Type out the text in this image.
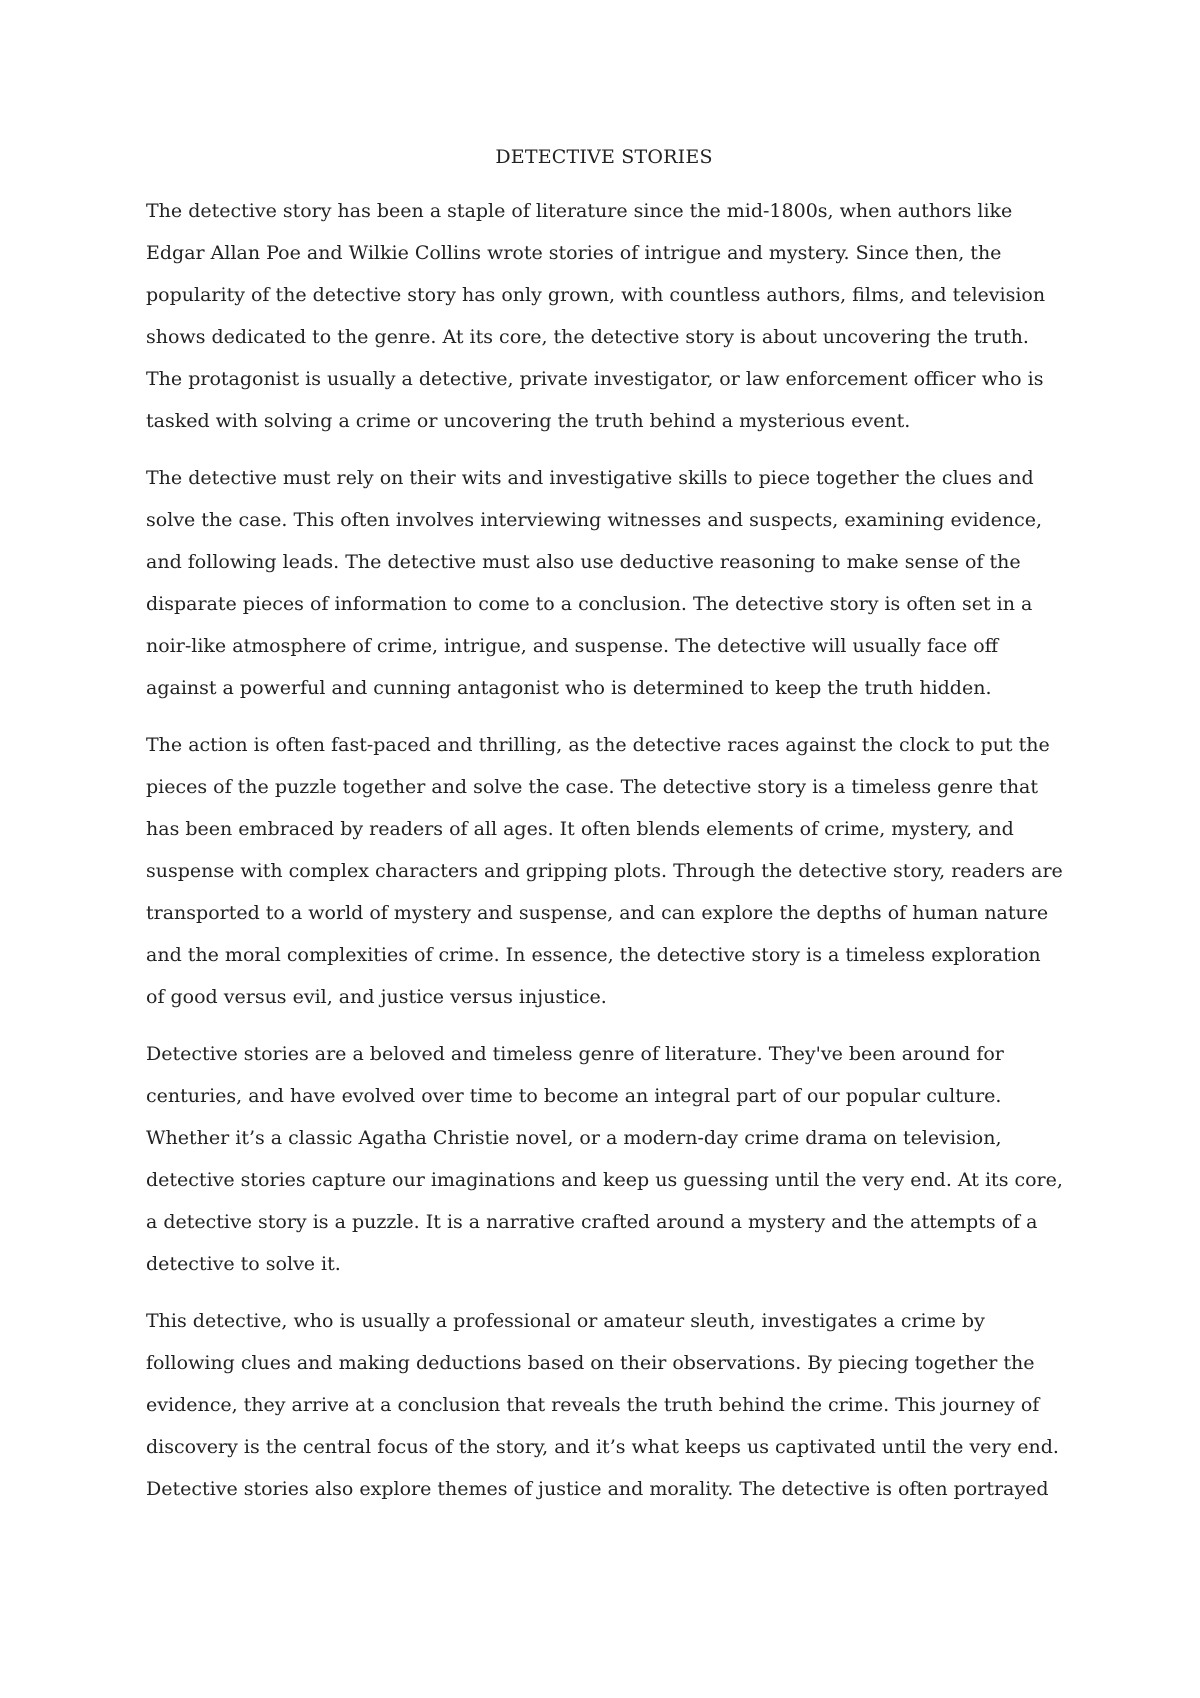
DETECTIVE STORIES
The detective story has been a staple of literature since the mid-1800s, when authors like
Edgar Allan Poe and Wilkie Collins wrote stories of intrigue and mystery. Since then, the
popularity of the detective story has only grown, with countless authors, films, and television
shows dedicated to the genre. At its core, the detective story is about uncovering the truth.
The protagonist is usually a detective, private investigator, or law enforcement officer who is
tasked with solving a crime or uncovering the truth behind a mysterious event.
The detective must rely on their wits and investigative skills to piece together the clues and
solve the case. This often involves interviewing witnesses and suspects, examining evidence,
and following leads. The detective must also use deductive reasoning to make sense of the
disparate pieces of information to come to a conclusion. The detective story is often set in a
noir-like atmosphere of crime, intrigue, and suspense. The detective will usually face off
against a powerful and cunning antagonist who is determined to keep the truth hidden.
The action is often fast-paced and thrilling, as the detective races against the clock to put the
pieces of the puzzle together and solve the case. The detective story is a timeless genre that
has been embraced by readers of all ages. It often blends elements of crime, mystery, and
suspense with complex characters and gripping plots. Through the detective story, readers are
transported to a world of mystery and suspense, and can explore the depths of human nature
and the moral complexities of crime. In essence, the detective story is a timeless exploration
of good versus evil, and justice versus injustice.
Detective stories are a beloved and timeless genre of literature. They've been around for
centuries, and have evolved over time to become an integral part of our popular culture.
Whether it’s a classic Agatha Christie novel, or a modern-day crime drama on television,
detective stories capture our imaginations and keep us guessing until the very end. At its core,
a detective story is a puzzle. It is a narrative crafted around a mystery and the attempts of a
detective to solve it.
This detective, who is usually a professional or amateur sleuth, investigates a crime by
following clues and making deductions based on their observations. By piecing together the
evidence, they arrive at a conclusion that reveals the truth behind the crime. This journey of
discovery is the central focus of the story, and it’s what keeps us captivated until the very end.
Detective stories also explore themes of justice and morality. The detective is often portrayed
